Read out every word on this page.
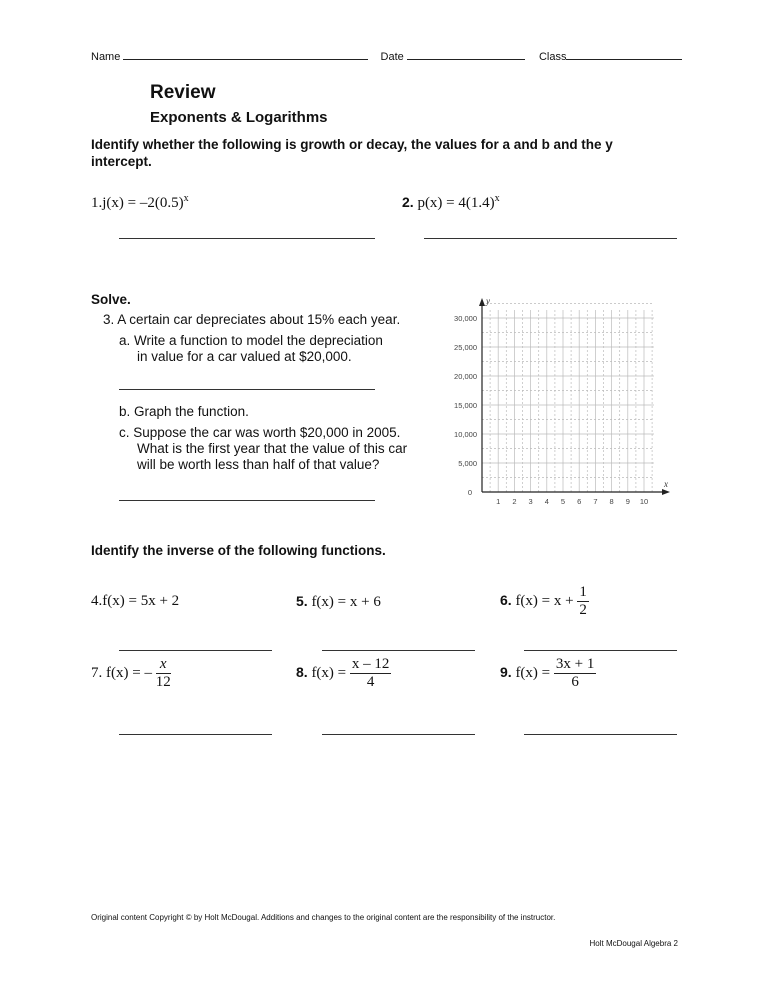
Name	Date	Class
Review
Exponents & Logarithms
Identify whether the following is growth or decay, the values for a and b and the y intercept.
$1.j(x) = -2(0.5)^x$	2. $p(x) = 4(1.4)^x$
Solve.
3. A certain car depreciates about 15% each year.
a. Write a function to model the depreciation
in value for a car valued at $20,000.
b. Graph the function.
c. Suppose the car was worth $20,000 in 2005.
What is the first year that the value of this car
will be worth less than half of that value?
1 2 3 4 5 6 7 8 9 10
5,000
10,000
15,000
20,000
25,000
30,000
0
x
y
Identify the inverse of the following functions.
4.f(x) = 5x + 2	5. f(x) = x + 6	6. $f(x) = x + \frac{1}{2}$
7. f(x) = – $\frac{x}{12}$	8. $f(x) = \frac{x - 12}{4}$	9. $f(x) = \frac{3x + 1}{6}$
Original content Copyright © by Holt McDougal. Additions and changes to the original content are the responsibility of the instructor.
Holt McDougal Algebra 2
